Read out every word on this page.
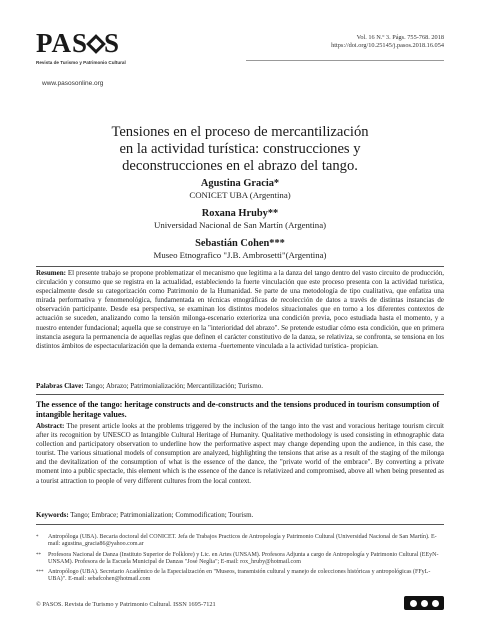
PAS S
Revista de Turismo y Patrimonio Cultural
www.pasosonline.org
Vol. 16 N.º 3. Págs. 755-768. 2018
https://doi.org/10.25145/j.pasos.2018.16.054
Tensiones en el proceso de mercantilización
en la actividad turística: construcciones y
deconstrucciones en el abrazo del tango.
Agustina Gracia*
CONICET UBA (Argentina)
Roxana Hruby**
Universidad Nacional de San Martín (Argentina)
Sebastián Cohen***
Museo Etnografico "J.B. Ambrosetti"(Argentina)
Resumen: El presente trabajo se propone problematizar el mecanismo que legitima a la danza del tango dentro del vasto circuito de producción, circulación y consumo que se registra en la actualidad, estableciendo la fuerte vinculación que este proceso presenta con la actividad turística, especialmente desde su categorización como Patrimonio de la Humanidad. Se parte de una metodología de tipo cualitativa, que enfatiza una mirada performativa y fenomenológica, fundamentada en técnicas etnográficas de recolección de datos a través de distintas instancias de observación participante. Desde esa perspectiva, se examinan los distintos modelos situacionales que en torno a los diferentes contextos de actuación se suceden, analizando como la tensión milonga-escenario exterioriza una condición previa, poco estudiada hasta el momento, y a nuestro entender fundacional; aquella que se construye en la "interioridad del abrazo". Se pretende estudiar cómo esta condición, que en primera instancia asegura la permanencia de aquellas reglas que definen el carácter constitutivo de la danza, se relativiza, se confronta, se tensiona en los distintos ámbitos de espectacularización que la demanda externa -fuertemente vinculada a la actividad turística- propician.
Palabras Clave: Tango; Abrazo; Patrimonialización; Mercantilización; Turismo.
The essence of the tango: heritage constructs and de-constructs and the tensions produced in tourism consumption of intangible heritage values.
Abstract: The present article looks at the problems triggered by the inclusion of the tango into the vast and voracious heritage tourism circuit after its recognition by UNESCO as Intangible Cultural Heritage of Humanity. Qualitative methodology is used consisting in ethnographic data collection and participatory observation to underline how the performative aspect may change depending upon the audience, in this case, the tourist. The various situational models of consumption are analyzed, highlighting the tensions that arise as a result of the staging of the milonga and the devitalization of the consumption of what is the essence of the dance, the "private world of the embrace". By converting a private moment into a public spectacle, this element which is the essence of the dance is relativized and compromised, above all when being presented as a tourist attraction to people of very different cultures from the local context.
Keywords: Tango; Embrace; Patrimonialization; Commodification; Tourism.
*	Antropóloga (UBA). Becaria doctoral del CONICET. Jefa de Trabajos Practicos de Antropología y Patrimonio Cultural (Universidad Nacional de San Martín). E-mail: agustina_gracia86@yahoo.com.ar
**	Profesora Nacional de Danza (Instituto Superior de Folklore) y Lic. en Artes (UNSAM). Profesora Adjunta a cargo de Antropología y Patrimonio Cultural (EEyN-UNSAM). Profesora de la Escuela Municipal de Danzas "José Neglia"; E-mail: rox_hruby@hotmail.com
*** Antropólogo (UBA). Secretario Académico de la Especialización en "Museos, transmisión cultural y manejo de colecciones históricas y antropológicas (FFyL-UBA)". E-mail: sebafcohen@hotmail.com
© PASOS. Revista de Turismo y Patrimonio Cultural. ISSN 1695-7121
